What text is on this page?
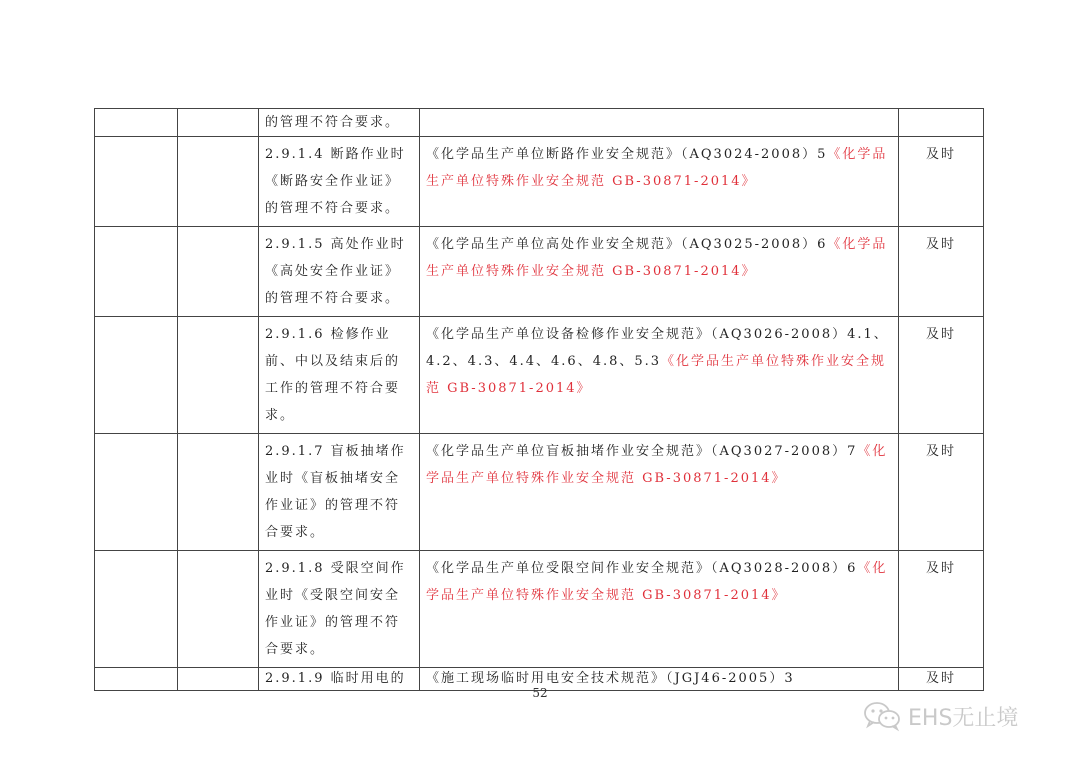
		的管理不符合要求。		
		2.9.1.4 断路作业时《断路安全作业证》的管理不符合要求。	《化学品生产单位断路作业安全规范》（AQ3024-2008）5《化学品生产单位特殊作业安全规范 GB-30871-2014》	及时
		2.9.1.5 高处作业时《高处安全作业证》的管理不符合要求。	《化学品生产单位高处作业安全规范》（AQ3025-2008）6《化学品生产单位特殊作业安全规范 GB-30871-2014》	及时
		2.9.1.6 检修作业前、中以及结束后的工作的管理不符合要求。	《化学品生产单位设备检修作业安全规范》（AQ3026-2008）4.1、4.2、4.3、4.4、4.6、4.8、5.3《化学品生产单位特殊作业安全规范 GB-30871-2014》	及时
		2.9.1.7 盲板抽堵作业时《盲板抽堵安全作业证》的管理不符合要求。	《化学品生产单位盲板抽堵作业安全规范》（AQ3027-2008）7《化学品生产单位特殊作业安全规范 GB-30871-2014》	及时
		2.9.1.8 受限空间作业时《受限空间安全作业证》的管理不符合要求。	《化学品生产单位受限空间作业安全规范》（AQ3028-2008）6《化学品生产单位特殊作业安全规范 GB-30871-2014》	及时
		2.9.1.9 临时用电的	《施工现场临时用电安全技术规范》（JGJ46-2005）3	及时
52
EHS无止境
